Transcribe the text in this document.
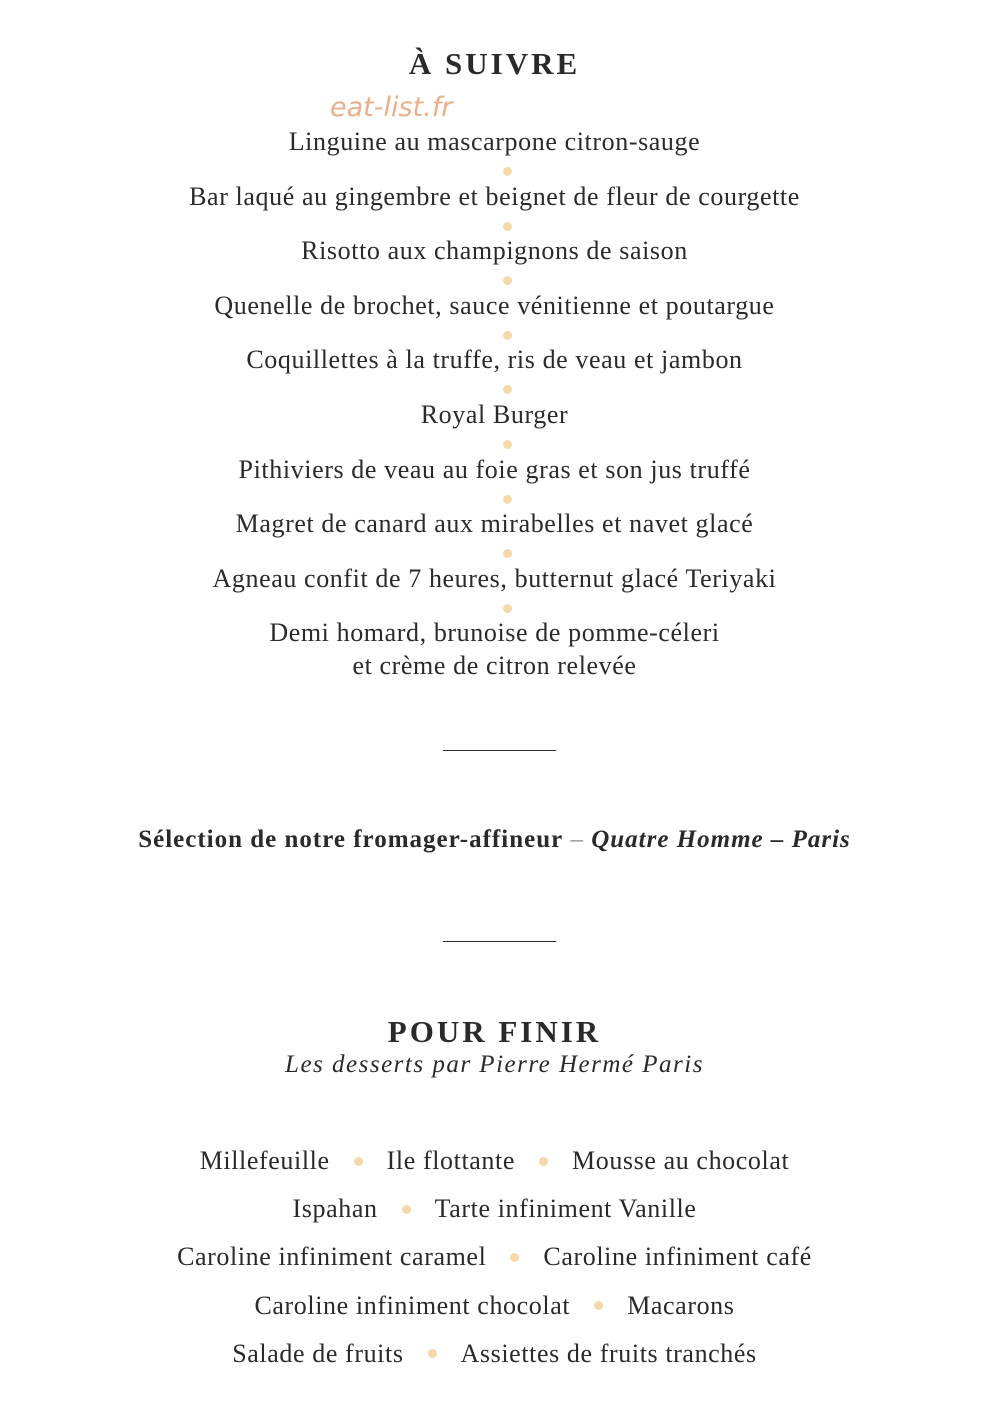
À SUIVRE
eat-list.fr
Linguine au mascarpone citron-sauge
Bar laqué au gingembre et beignet de fleur de courgette
Risotto aux champignons de saison
Quenelle de brochet, sauce vénitienne et poutargue
Coquillettes à la truffe, ris de veau et jambon
Royal Burger
Pithiviers de veau au foie gras et son jus truffé
Magret de canard aux mirabelles et navet glacé
Agneau confit de 7 heures, butternut glacé Teriyaki
Demi homard, brunoise de pomme-céleri
et crème de citron relevée
Sélection de notre fromager-affineur – Quatre Homme – Paris
POUR FINIR
Les desserts par Pierre Hermé Paris
Millefeuille Ile flottante Mousse au chocolat
Ispahan Tarte infiniment Vanille
Caroline infiniment caramel Caroline infiniment café
Caroline infiniment chocolat Macarons
Salade de fruits Assiettes de fruits tranchés
